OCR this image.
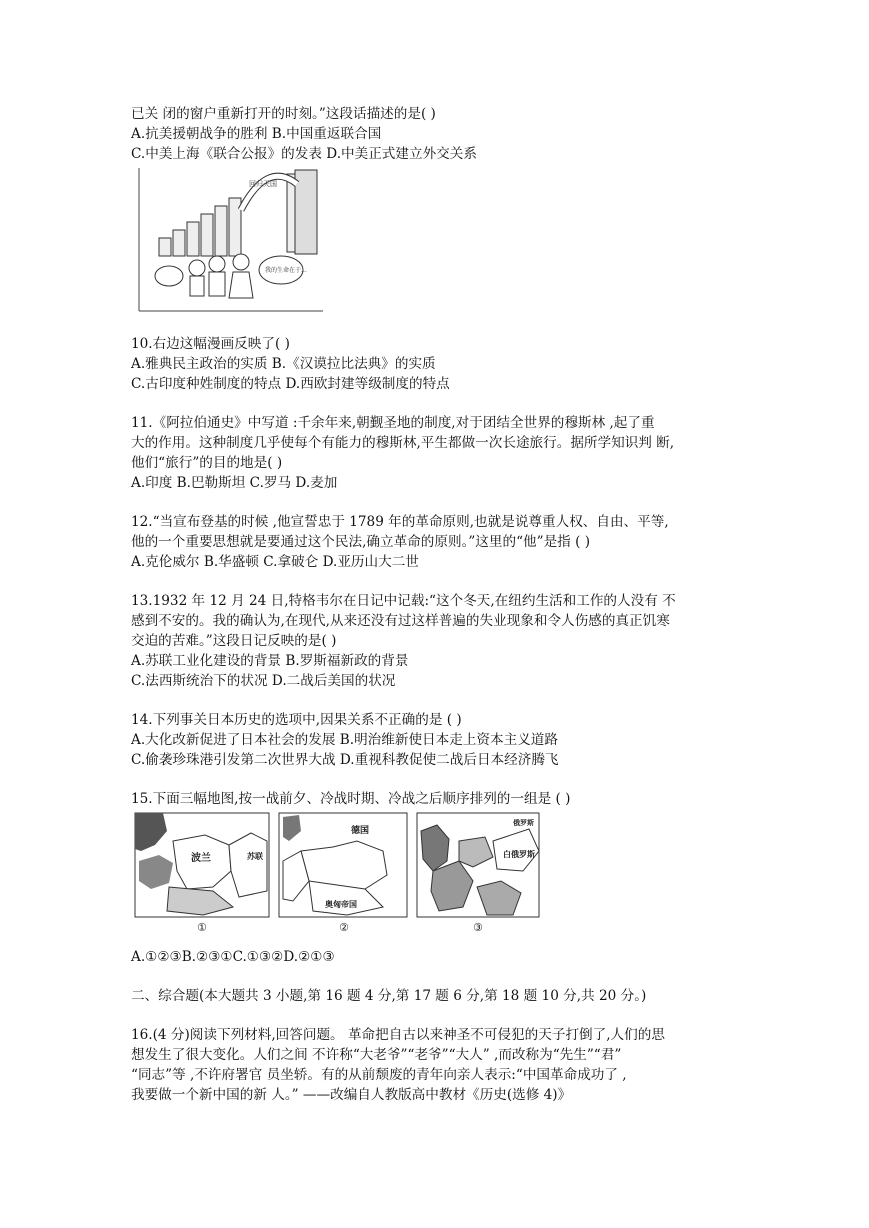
已关 闭的窗户重新打开的时刻。”这段话描述的是( )
A.抗美援朝战争的胜利 B.中国重返联合国
C.中美上海《联合公报》的发表 D.中美正式建立外交关系
回归天国
我的生命在于…
10.右边这幅漫画反映了( )
A.雅典民主政治的实质 B.《汉谟拉比法典》的实质
C.古印度种姓制度的特点 D.西欧封建等级制度的特点
11.《阿拉伯通史》中写道 :千余年来,朝觐圣地的制度,对于团结全世界的穆斯林 ,起了重
大的作用。这种制度几乎使每个有能力的穆斯林,平生都做一次长途旅行。据所学知识判 断,
他们“旅行”的目的地是( )
A.印度 B.巴勒斯坦 C.罗马 D.麦加
12.“当宣布登基的时候 ,他宣誓忠于 1789 年的革命原则,也就是说尊重人权、自由、平等,
他的一个重要思想就是要通过这个民法,确立革命的原则。”这里的“他”是指 ( )
A.克伦威尔 B.华盛顿 C.拿破仑 D.亚历山大二世
13.1932 年 12 月 24 日,特格韦尔在日记中记载:“这个冬天,在纽约生活和工作的人没有 不
感到不安的。我的确认为,在现代,从来还没有过这样普遍的失业现象和令人伤感的真正饥寒
交迫的苦难。”这段日记反映的是( )
A.苏联工业化建设的背景 B.罗斯福新政的背景
C.法西斯统治下的状况 D.二战后美国的状况
14.下列事关日本历史的选项中,因果关系不正确的是 ( )
A.大化改新促进了日本社会的发展 B.明治维新使日本走上资本主义道路
C.偷袭珍珠港引发第二次世界大战 D.重视科教促使二战后日本经济腾飞
15.下面三幅地图,按一战前夕、冷战时期、冷战之后顺序排列的一组是 ( )
波兰	苏联
①
德国
奥匈帝国
②
白俄罗斯
俄罗斯
③
A.①②③B.②③①C.①③②D.②①③
二、综合题(本大题共 3 小题,第 16 题 4 分,第 17 题 6 分,第 18 题 10 分,共 20 分。)
16.(4 分)阅读下列材料,回答问题。 革命把自古以来神圣不可侵犯的天子打倒了,人们的思
想发生了很大变化。人们之间 不许称“大老爷”“老爷”“大人” ,而改称为“先生”“君”
“同志”等 ,不许府署官 员坐轿。有的从前颓废的青年向亲人表示:“中国革命成功了 ,
我要做一个新中国的新 人。” ——改编自人教版高中教材《历史(选修 4)》
